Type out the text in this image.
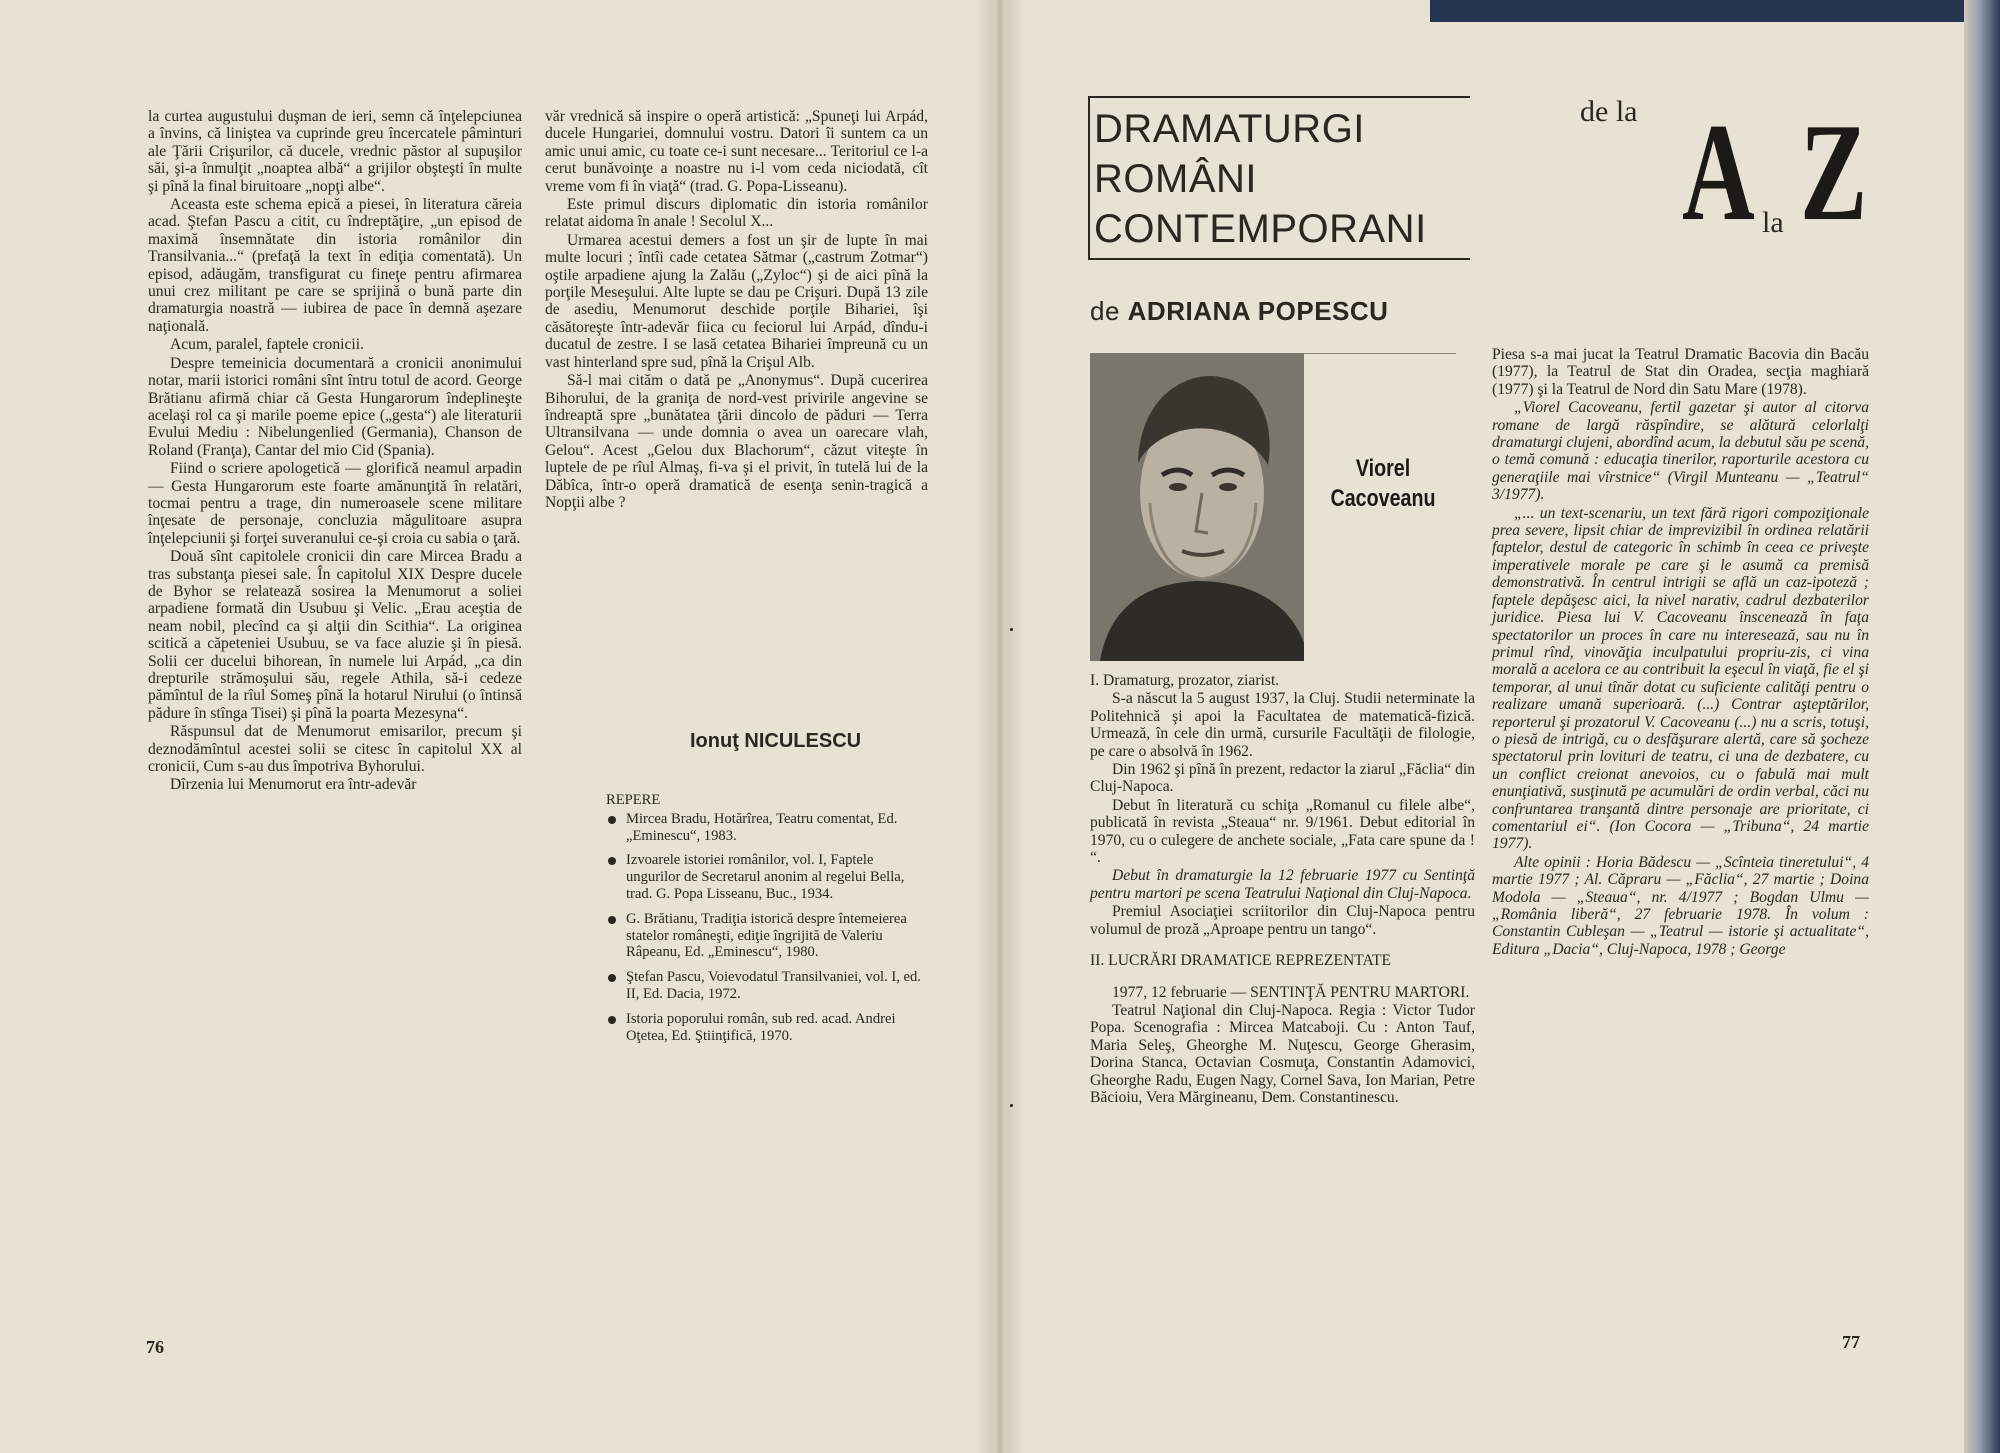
la curtea augustului duşman de ieri, semn că înţelepciunea a învins, că liniştea va cuprinde greu încercatele pâminturi ale Ţării Crişurilor, că ducele, vrednic păstor al supuşilor săi, şi-a înmulţit „noaptea albă“ a grijilor obşteşti în multe şi pînă la final biruitoare „nopţi albe“.

Aceasta este schema epică a piesei, în literatura căreia acad. Ştefan Pascu a citit, cu îndreptăţire, „un episod de maximă însemnătate din istoria românilor din Transilvania...“ (prefaţă la text în ediţia comentată). Un episod, adăugăm, transfigurat cu fineţe pentru afirmarea unui crez militant pe care se sprijină o bună parte din dramaturgia noastră — iubirea de pace în demnă aşezare naţională.

Acum, paralel, faptele cronicii.

Despre temeinicia documentară a cronicii anonimului notar, marii istorici români sînt întru totul de acord. George Brătianu afirmă chiar că Gesta Hungarorum îndeplineşte acelaşi rol ca şi marile poeme epice („gesta“) ale literaturii Evului Mediu : Nibelungenlied (Germania), Chanson de Roland (Franţa), Cantar del mio Cid (Spania).

Fiind o scriere apologetică — glorifică neamul arpadin — Gesta Hungarorum este foarte amănunţită în relatări, tocmai pentru a trage, din numeroasele scene militare înţesate de personaje, concluzia măgulitoare asupra înţelepciunii şi forţei suveranului ce-şi croia cu sabia o ţară.

Două sînt capitolele cronicii din care Mircea Bradu a tras substanţa piesei sale. În capitolul XIX Despre ducele de Byhor se relatează sosirea la Menumorut a soliei arpadiene formată din Usubuu şi Velic. „Erau aceştia de neam nobil, plecînd ca şi alţii din Scithia“. La originea scitică a căpeteniei Usubuu, se va face aluzie şi în piesă. Solii cer ducelui bihorean, în numele lui Arpád, „ca din drepturile strămoşului său, regele Athila, să-i cedeze pămîntul de la rîul Someş pînă la hotarul Nirului (o întinsă pădure în stînga Tisei) şi pînă la poarta Mezesyna“.

Răspunsul dat de Menumorut emisarilor, precum şi deznodămîntul acestei solii se citesc în capitolul XX al cronicii, Cum s-au dus împotriva Byhorului.

Dîrzenia lui Menumorut era într-adevăr

văr vrednică să inspire o operă artistică: „Spuneţi lui Arpád, ducele Hungariei, domnului vostru. Datori îi suntem ca un amic unui amic, cu toate ce-i sunt necesare... Teritoriul ce l-a cerut bunăvoinţe a noastre nu i-l vom ceda niciodată, cît vreme vom fi în viaţă“ (trad. G. Popa-Lisseanu).

Este primul discurs diplomatic din istoria românilor relatat aidoma în anale ! Secolul X...

Urmarea acestui demers a fost un şir de lupte în mai multe locuri ; întîi cade cetatea Sătmar („castrum Zotmar“) oştile arpadiene ajung la Zalău („Zyloc“) şi de aici pînă la porţile Meseşului. Alte lupte se dau pe Crişuri. După 13 zile de asediu, Menumorut deschide porţile Bihariei, îşi căsătoreşte într-adevăr fiica cu feciorul lui Arpád, dîndu-i ducatul de zestre. I se lasă cetatea Bihariei împreună cu un vast hinterland spre sud, pînă la Crişul Alb.

Să-l mai cităm o dată pe „Anonymus“. După cucerirea Bihorului, de la graniţa de nord-vest privirile angevine se îndreaptă spre „bunătatea ţării dincolo de păduri — Terra Ultransilvana — unde domnia o avea un oarecare vlah, Gelou“. Acest „Gelou dux Blachorum“, căzut viteşte în luptele de pe rîul Almaş, fi-va şi el privit, în tutelă lui de la Dăbîca, într-o operă dramatică de esenţa senin-tragică a Nopţii albe ?

Ionuţ NICULESCU
REPERE
Mircea Bradu, Hotărîrea, Teatru comentat, Ed. „Eminescu“, 1983.
Izvoarele istoriei românilor, vol. I, Faptele ungurilor de Secretarul anonim al regelui Bella, trad. G. Popa Lisseanu, Buc., 1934.
G. Brătianu, Tradiţia istorică despre întemeierea statelor româneşti, ediţie îngrijită de Valeriu Râpeanu, Ed. „Eminescu“, 1980.
Ştefan Pascu, Voievodatul Transilvaniei, vol. I, ed. II, Ed. Dacia, 1972.
Istoria poporului român, sub red. acad. Andrei Oţetea, Ed. Ştiinţifică, 1970.
76
DRAMATURGI
ROMÂNI
CONTEMPORANI
de la A la Z
de ADRIANA POPESCU
Viorel Cacoveanu

I. Dramaturg, prozator, ziarist.

S-a născut la 5 august 1937, la Cluj. Studii neterminate la Politehnică şi apoi la Facultatea de matematică-fizică. Urmează, în cele din urmă, cursurile Facultăţii de filologie, pe care o absolvă în 1962.

Din 1962 şi pînă în prezent, redactor la ziarul „Făclia“ din Cluj-Napoca.

Debut în literatură cu schiţa „Romanul cu filele albe“, publicată în revista „Steaua“ nr. 9/1961. Debut editorial în 1970, cu o culegere de anchete sociale, „Fata care spune da ! “.

Debut în dramaturgie la 12 februarie 1977 cu Sentinţă pentru martori pe scena Teatrului Naţional din Cluj-Napoca.

Premiul Asociaţiei scriitorilor din Cluj-Napoca pentru volumul de proză „Aproape pentru un tango“.

II. LUCRĂRI DRAMATICE REPREZENTATE

1977, 12 februarie — SENTINŢĂ PENTRU MARTORI.

Teatrul Naţional din Cluj-Napoca. Regia : Victor Tudor Popa. Scenografia : Mircea Matcaboji. Cu : Anton Tauf, Maria Seleş, Gheorghe M. Nuţescu, George Gherasim, Dorina Stanca, Octavian Cosmuţa, Constantin Adamovici, Gheorghe Radu, Eugen Nagy, Cornel Sava, Ion Marian, Petre Băcioiu, Vera Mărgineanu, Dem. Constantinescu.

Piesa s-a mai jucat la Teatrul Dramatic Bacovia din Bacău (1977), la Teatrul de Stat din Oradea, secţia maghiară (1977) şi la Teatrul de Nord din Satu Mare (1978).

„Viorel Cacoveanu, fertil gazetar şi autor al citorva romane de largă răspîndire, se alătură celorlalţi dramaturgi clujeni, abordînd acum, la debutul său pe scenă, o temă comună : educaţia tinerilor, raporturile acestora cu generaţiile mai vîrstnice“ (Virgil Munteanu — „Teatrul“ 3/1977).

„... un text-scenariu, un text fără rigori compoziţionale prea severe, lipsit chiar de imprevizibil în ordinea relatării faptelor, destul de categoric în schimb în ceea ce priveşte imperativele morale pe care şi le asumă ca premisă demonstrativă. În centrul intrigii se află un caz-ipoteză ; faptele depăşesc aici, la nivel narativ, cadrul dezbaterilor juridice. Piesa lui V. Cacoveanu înscenează în faţa spectatorilor un proces în care nu interesează, sau nu în primul rînd, vinovăţia inculpatului propriu-zis, ci vina morală a acelora ce au contribuit la eşecul în viaţă, fie el şi temporar, al unui tînăr dotat cu suficiente calităţi pentru o realizare umană superioară. (...) Contrar aşteptărilor, reporterul şi prozatorul V. Cacoveanu (...) nu a scris, totuşi, o piesă de intrigă, cu o desfăşurare alertă, care să şocheze spectatorul prin lovituri de teatru, ci una de dezbatere, cu un conflict creionat anevoios, cu o fabulă mai mult enunţiativă, susţinută pe acumulări de ordin verbal, căci nu confruntarea tranşantă dintre personaje are prioritate, ci comentariul ei“. (Ion Cocora — „Tribuna“, 24 martie 1977).

Alte opinii : Horia Bădescu — „Scînteia tineretului“, 4 martie 1977 ; Al. Căpraru — „Făclia“, 27 martie ; Doina Modola — „Steaua“, nr. 4/1977 ; Bogdan Ulmu — „România liberă“, 27 februarie 1978. În volum : Constantin Cubleşan — „Teatrul — istorie şi actualitate“, Editura „Dacia“, Cluj-Napoca, 1978 ; George

77
